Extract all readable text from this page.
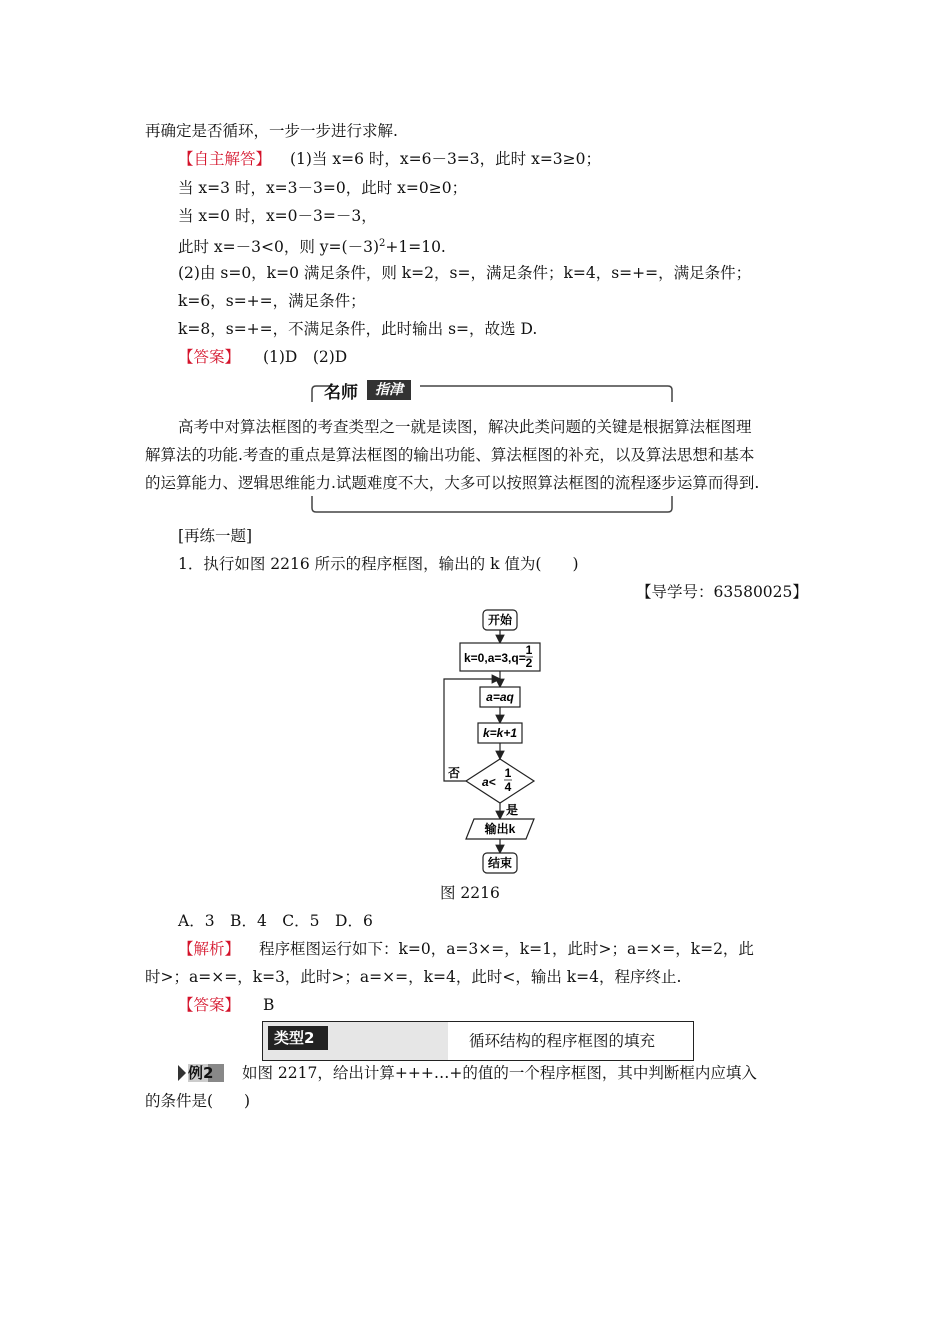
再确定是否循环，一步一步进行求解.
【自主解答】 (1)当 x=6 时，x=6－3=3，此时 x=3≥0；
当 x=3 时，x=3－3=0，此时 x=0≥0；
当 x=0 时，x=0－3=－3，
此时 x=－3<0，则 $y=(-3)^2+1=10$.
(2)由 s=0，k=0 满足条件，则 k=2，s=，满足条件；k=4，s=+=，满足条件；
k=6，s=+=，满足条件；
k=8，s=+=，不满足条件，此时输出 s=，故选 D.
【答案】 (1)D　(2)D
名师	指津
高考中对算法框图的考查类型之一就是读图，解决此类问题的关键是根据算法框图理
解算法的功能.考查的重点是算法框图的输出功能、算法框图的补充，以及算法思想和基本
的运算能力、逻辑思维能力.试题难度不大，大多可以按照算法框图的流程逐步运算而得到.
[再练一题]
1．执行如图 2216 所示的程序框图，输出的 k 值为(　　)
【导学号：63580025】
开始
k=0,a=3,q=
1
2
a=aq
k=k+1
a<
1
4
否
是
输出k
结束
图 2216
A．3　B．4　C．5　D．6
【解析】 程序框图运行如下：k=0，a=3×=，k=1，此时>；a=×=，k=2，此
时>；a=×=，k=3，此时>；a=×=，k=4，此时<，输出 k=4，程序终止.
【答案】 B
类型2	循环结构的程序框图的填充
例2 如图 2217，给出计算+++…+的值的一个程序框图，其中判断框内应填入
的条件是(　　)
